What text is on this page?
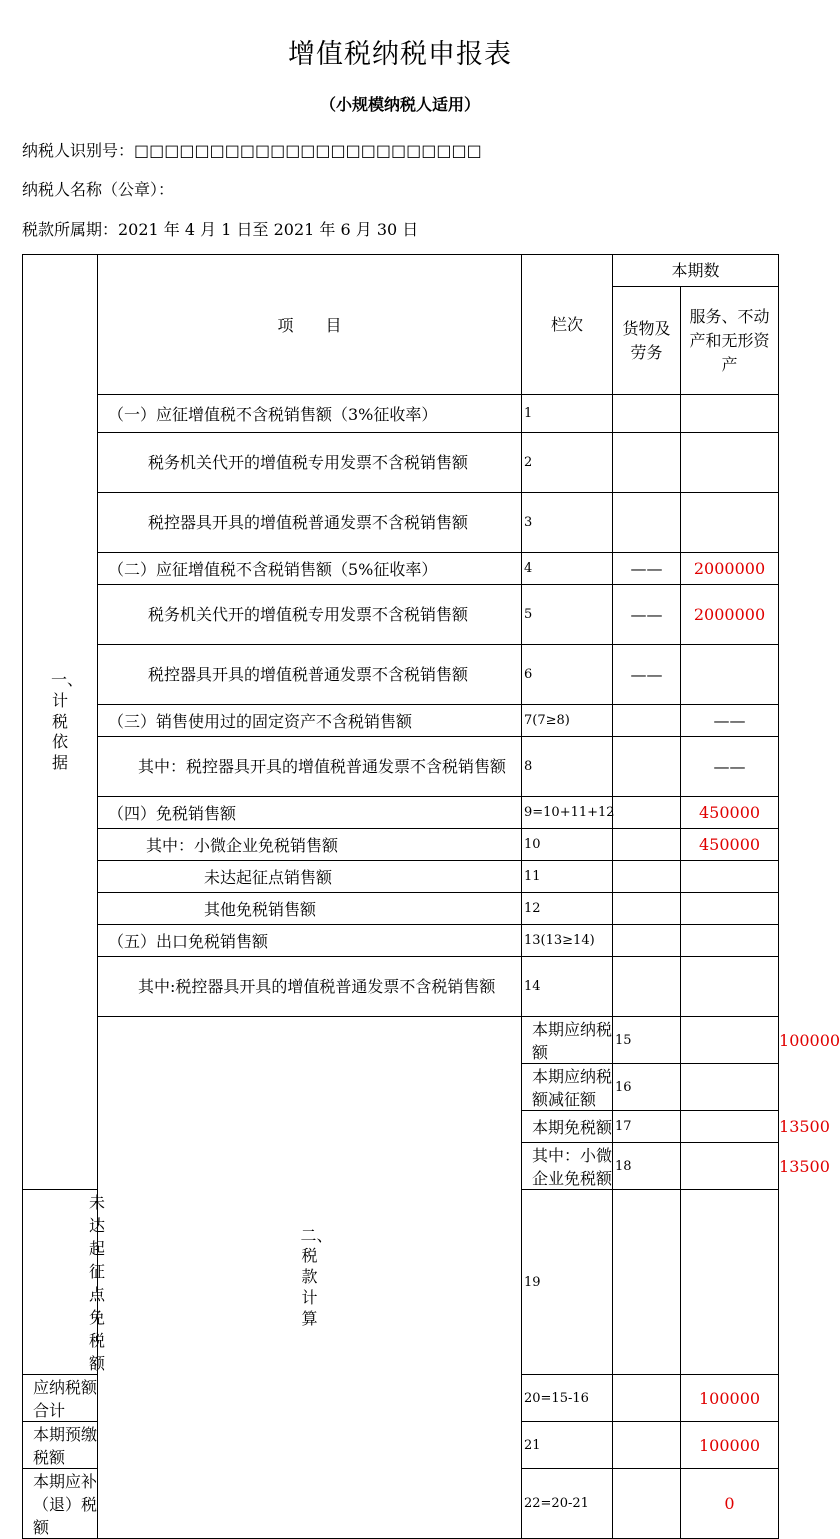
增值税纳税申报表
（小规模纳税人适用）
纳税人识别号：□□□□□□□□□□□□□□□□□□□□□□□
纳税人名称（公章）：
税款所属期：2021 年 4 月 1 日至 2021 年 6 月 30 日
一、计税依据	项　　目	栏次	本期数		
			货物及劳务	服务、不动产和无形资产	
	（一）应征增值税不含税销售额（3%征收率）	1			
	税务机关代开的增值税专用发票不含税销售额	2			
	税控器具开具的增值税普通发票不含税销售额	3			
	（二）应征增值税不含税销售额（5%征收率）	4	——	2000000	
	税务机关代开的增值税专用发票不含税销售额	5	——	2000000	
	税控器具开具的增值税普通发票不含税销售额	6	——		
	（三）销售使用过的固定资产不含税销售额	7(7≥8)		——	
	其中：税控器具开具的增值税普通发票不含税销售额	8		——	
	（四）免税销售额	9=10+11+12		450000	
	其中：小微企业免税销售额	10		450000	
	未达起征点销售额	11			
	其他免税销售额	12			
	（五）出口免税销售额	13(13≥14)			
	其中:税控器具开具的增值税普通发票不含税销售额	14			

	二、税款计算	本期应纳税额	15		100000
		本期应纳税额减征额	16		
		本期免税额	17		13500
		其中：小微企业免税额	18		13500
未达起征点免税额		19			
应纳税额合计		20=15-16		100000	
本期预缴税额		21		100000	
本期应补（退）税额		22=20-21		0	
